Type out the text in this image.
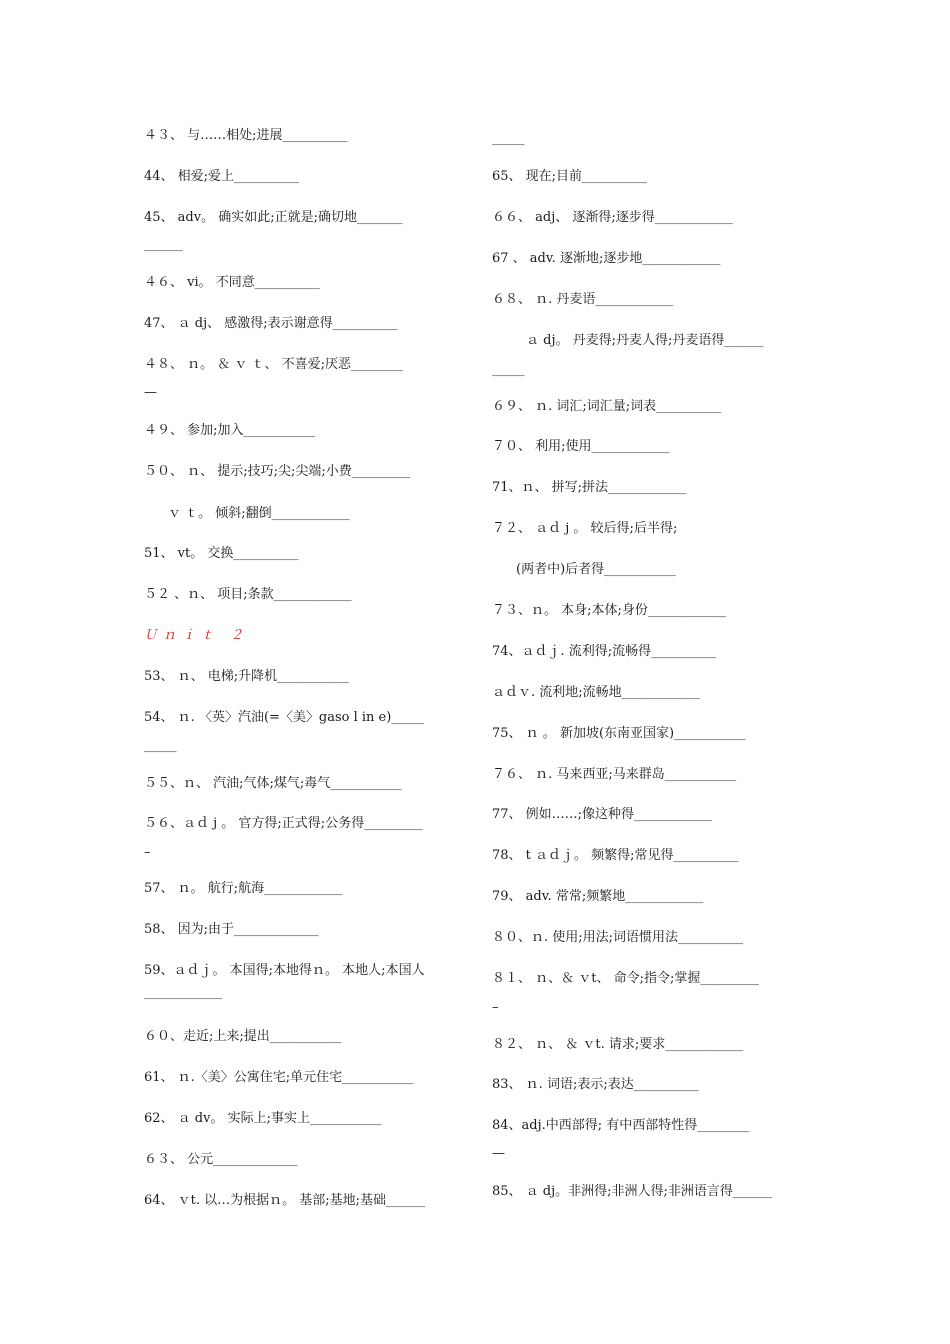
４３、 与……相处;进展__________
44、 相爱;爱上__________
45、 adv。 确实如此;正就是;确切地_______
______
４６、 vi。 不同意__________
47、 ａ dj、 感激得;表示谢意得__________
４８、 ｎ。 ＆ ｖ ｔ、 不喜爱;厌恶________
—
４９、 参加;加入___________
５０、 ｎ、 提示;技巧;尖;尖端;小费_________
ｖ ｔ。 倾斜;翻倒____________
51、 vt。 交换__________
５２ 、ｎ、 项目;条款____________
Ｕｎｉｔ ２
53、 ｎ、 电梯;升降机___________
54、 ｎ. 〈英〉汽油(=〈美〉gaso l in e)_____
_____
５５、ｎ、 汽油;气体;煤气;毒气___________
５６、ａｄ j 。 官方得;正式得;公务得_________
–
57、 ｎ。 航行;航海____________
58、 因为;由于_____________
59、ａｄｊ。 本国得;本地得ｎ。 本地人;本国人____________
６０、走近;上来;提出___________
61、 ｎ.〈美〉公寓住宅;单元住宅___________
62、 ａ dv。 实际上;事实上___________
６３、 公元_____________
64、 ｖt. 以…为根据ｎ。 基部;基地;基础______
_____
65、 现在;目前__________
６６、 adj、 逐渐得;逐步得____________
67 、 adv. 逐渐地;逐步地____________
６８、 ｎ. 丹麦语____________
ａ dj。 丹麦得;丹麦人得;丹麦语得______
_____
６９、 ｎ. 词汇;词汇量;词表__________
７０、 利用;使用____________
71、ｎ、 拼写;拼法____________
７２、 ａｄ j 。 较后得;后半得;
(两者中)后者得___________
７３、ｎ。 本身;本体;身份____________
74、ａｄｊ. 流利得;流畅得__________
ａｄｖ. 流利地;流畅地____________
75、 ｎ 。 新加坡(东南亚国家)___________
７６、 ｎ. 马来西亚;马来群岛___________
77、 例如……;像这种得____________
78、 t ａｄｊ。 频繁得;常见得__________
79、 adv. 常常;频繁地____________
８０、ｎ. 使用;用法;词语惯用法__________
８１、 ｎ、＆ ｖt、 命令;指令;掌握_________
–
８２、 ｎ、 ＆ ｖt. 请求;要求____________
83、 ｎ. 词语;表示;表达__________
84、adj.中西部得; 有中西部特性得________
—
85、 ａ dj。非洲得;非洲人得;非洲语言得______
